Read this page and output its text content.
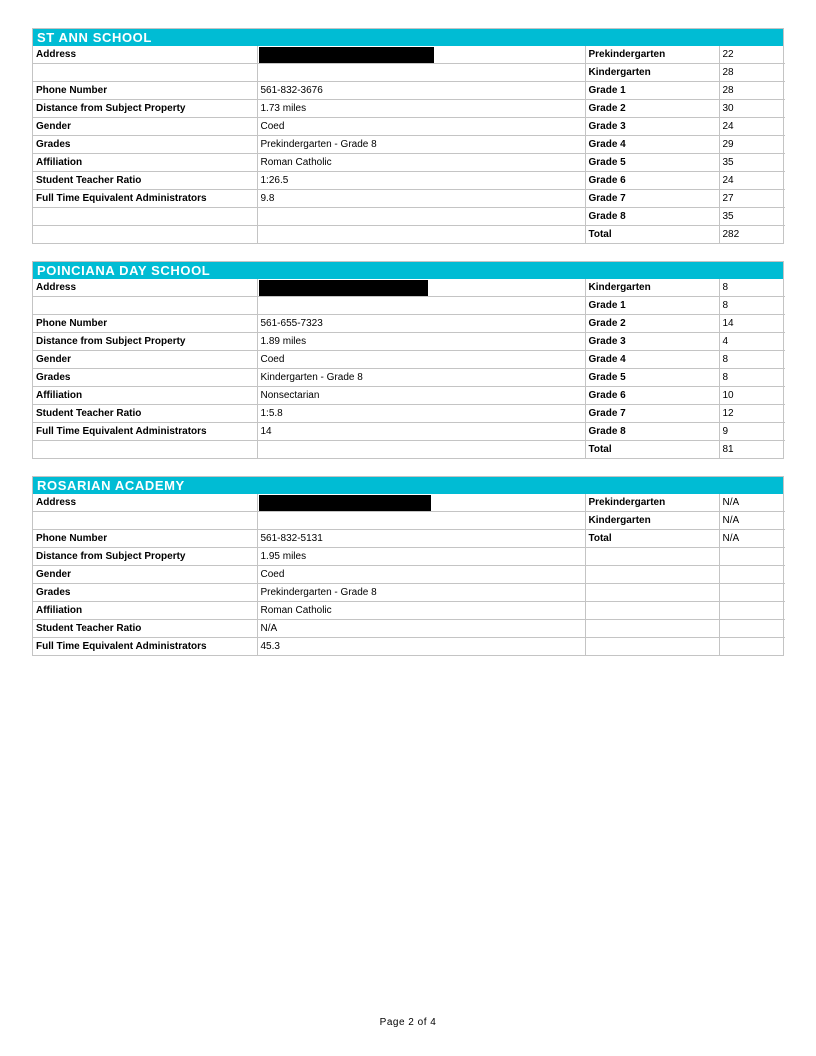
ST ANN SCHOOL
Address		Prekindergarten	22
		Kindergarten	28
Phone Number	561-832-3676	Grade 1	28
Distance from Subject Property	1.73 miles	Grade 2	30
Gender	Coed	Grade 3	24
Grades	Prekindergarten - Grade 8	Grade 4	29
Affiliation	Roman Catholic	Grade 5	35
Student Teacher Ratio	1:26.5	Grade 6	24
Full Time Equivalent Administrators	9.8	Grade 7	27
		Grade 8	35
		Total	282
POINCIANA DAY SCHOOL
Address		Kindergarten	8
		Grade 1	8
Phone Number	561-655-7323	Grade 2	14
Distance from Subject Property	1.89 miles	Grade 3	4
Gender	Coed	Grade 4	8
Grades	Kindergarten - Grade 8	Grade 5	8
Affiliation	Nonsectarian	Grade 6	10
Student Teacher Ratio	1:5.8	Grade 7	12
Full Time Equivalent Administrators	14	Grade 8	9
		Total	81
ROSARIAN ACADEMY
Address		Prekindergarten	N/A
		Kindergarten	N/A
Phone Number	561-832-5131	Total	N/A
Distance from Subject Property	1.95 miles		
Gender	Coed		
Grades	Prekindergarten - Grade 8		
Affiliation	Roman Catholic		
Student Teacher Ratio	N/A		
Full Time Equivalent Administrators	45.3		
Page 2 of 4
